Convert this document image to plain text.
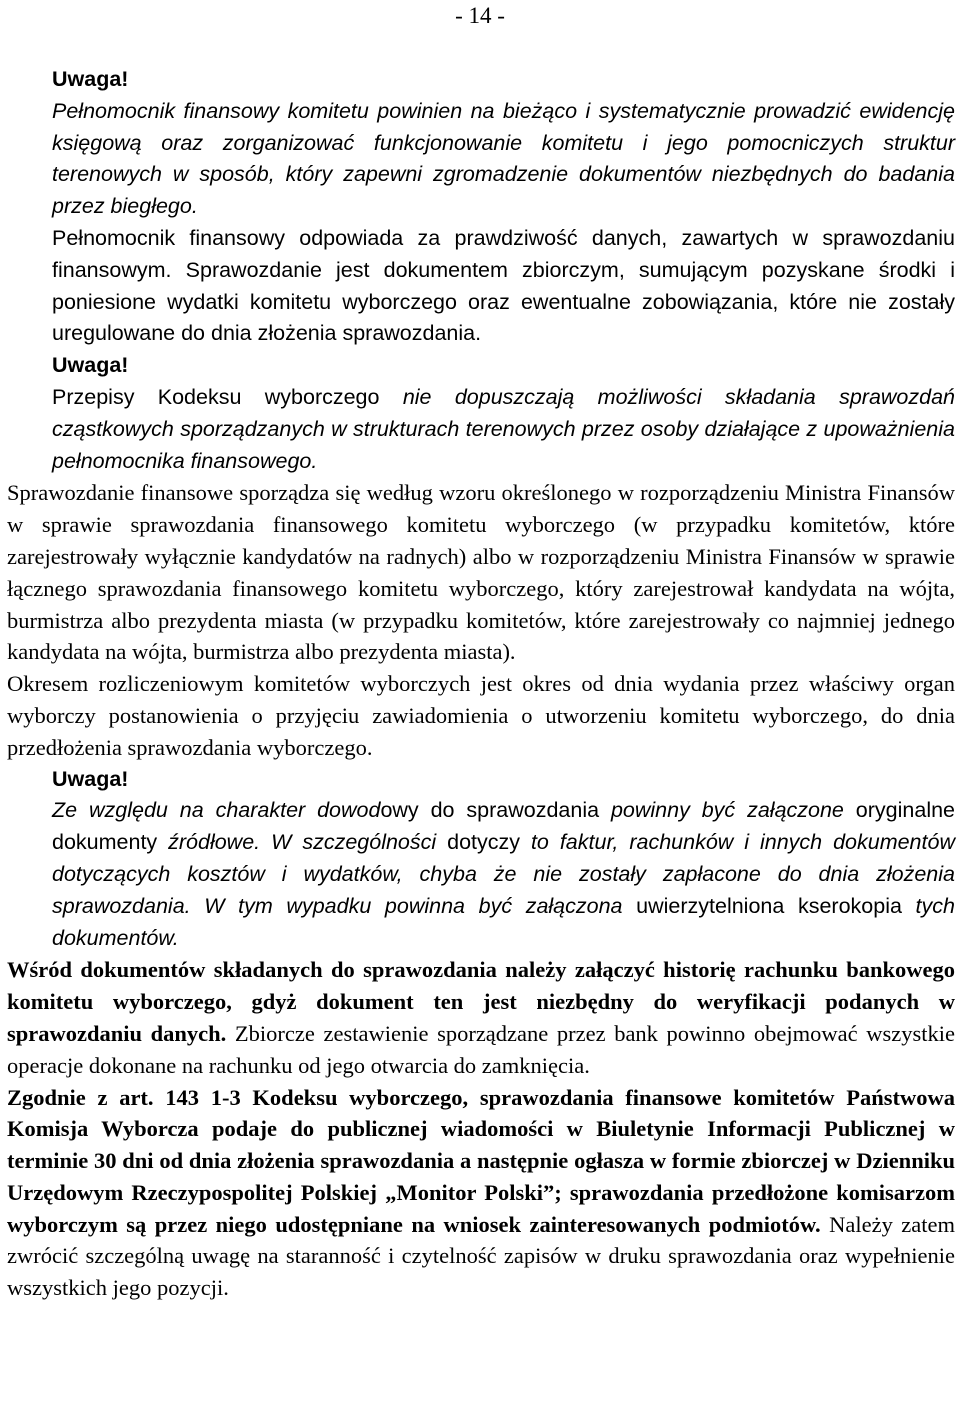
- 14 -
Uwaga!

Pełnomocnik finansowy komitetu powinien na bieżąco i systematycznie prowadzić ewidencję księgową oraz zorganizować funkcjonowanie komitetu i jego pomocniczych struktur terenowych w sposób, który zapewni zgromadzenie dokumentów niezbędnych do badania przez biegłego.

Pełnomocnik finansowy odpowiada za prawdziwość danych, zawartych w sprawozdaniu finansowym. Sprawozdanie jest dokumentem zbiorczym, sumującym pozyskane środki i poniesione wydatki komitetu wyborczego oraz ewentualne zobowiązania, które nie zostały uregulowane do dnia złożenia sprawozdania.

Uwaga!

Przepisy Kodeksu wyborczego nie dopuszczają możliwości składania sprawozdań cząstkowych sporządzanych w strukturach terenowych przez osoby działające z upoważnienia pełnomocnika finansowego.

Sprawozdanie finansowe sporządza się według wzoru określonego w rozporządzeniu Ministra Finansów w sprawie sprawozdania finansowego komitetu wyborczego (w przypadku komitetów, które zarejestrowały wyłącznie kandydatów na radnych) albo w rozporządzeniu Ministra Finansów w sprawie łącznego sprawozdania finansowego komitetu wyborczego, który zarejestrował kandydata na wójta, burmistrza albo prezydenta miasta (w przypadku komitetów, które zarejestrowały co najmniej jednego kandydata na wójta, burmistrza albo prezydenta miasta).

Okresem rozliczeniowym komitetów wyborczych jest okres od dnia wydania przez właściwy organ wyborczy postanowienia o przyjęciu zawiadomienia o utworzeniu komitetu wyborczego, do dnia przedłożenia sprawozdania wyborczego.

Uwaga!

Ze względu na charakter dowodowy do sprawozdania powinny być załączone oryginalne dokumenty źródłowe. W szczególności dotyczy to faktur, rachunków i innych dokumentów dotyczących kosztów i wydatków, chyba że nie zostały zapłacone do dnia złożenia sprawozdania. W tym wypadku powinna być załączona uwierzytelniona kserokopia tych dokumentów.

Wśród dokumentów składanych do sprawozdania należy załączyć historię rachunku bankowego komitetu wyborczego, gdyż dokument ten jest niezbędny do weryfikacji podanych w sprawozdaniu danych. Zbiorcze zestawienie sporządzane przez bank powinno obejmować wszystkie operacje dokonane na rachunku od jego otwarcia do zamknięcia.

Zgodnie z art. 143 1-3 Kodeksu wyborczego, sprawozdania finansowe komitetów Państwowa Komisja Wyborcza podaje do publicznej wiadomości w Biuletynie Informacji Publicznej w terminie 30 dni od dnia złożenia sprawozdania a następnie ogłasza w formie zbiorczej w Dzienniku Urzędowym Rzeczypospolitej Polskiej „Monitor Polski”; sprawozdania przedłożone komisarzom wyborczym są przez niego udostępniane na wniosek zainteresowanych podmiotów. Należy zatem zwrócić szczególną uwagę na staranność i czytelność zapisów w druku sprawozdania oraz wypełnienie wszystkich jego pozycji.
